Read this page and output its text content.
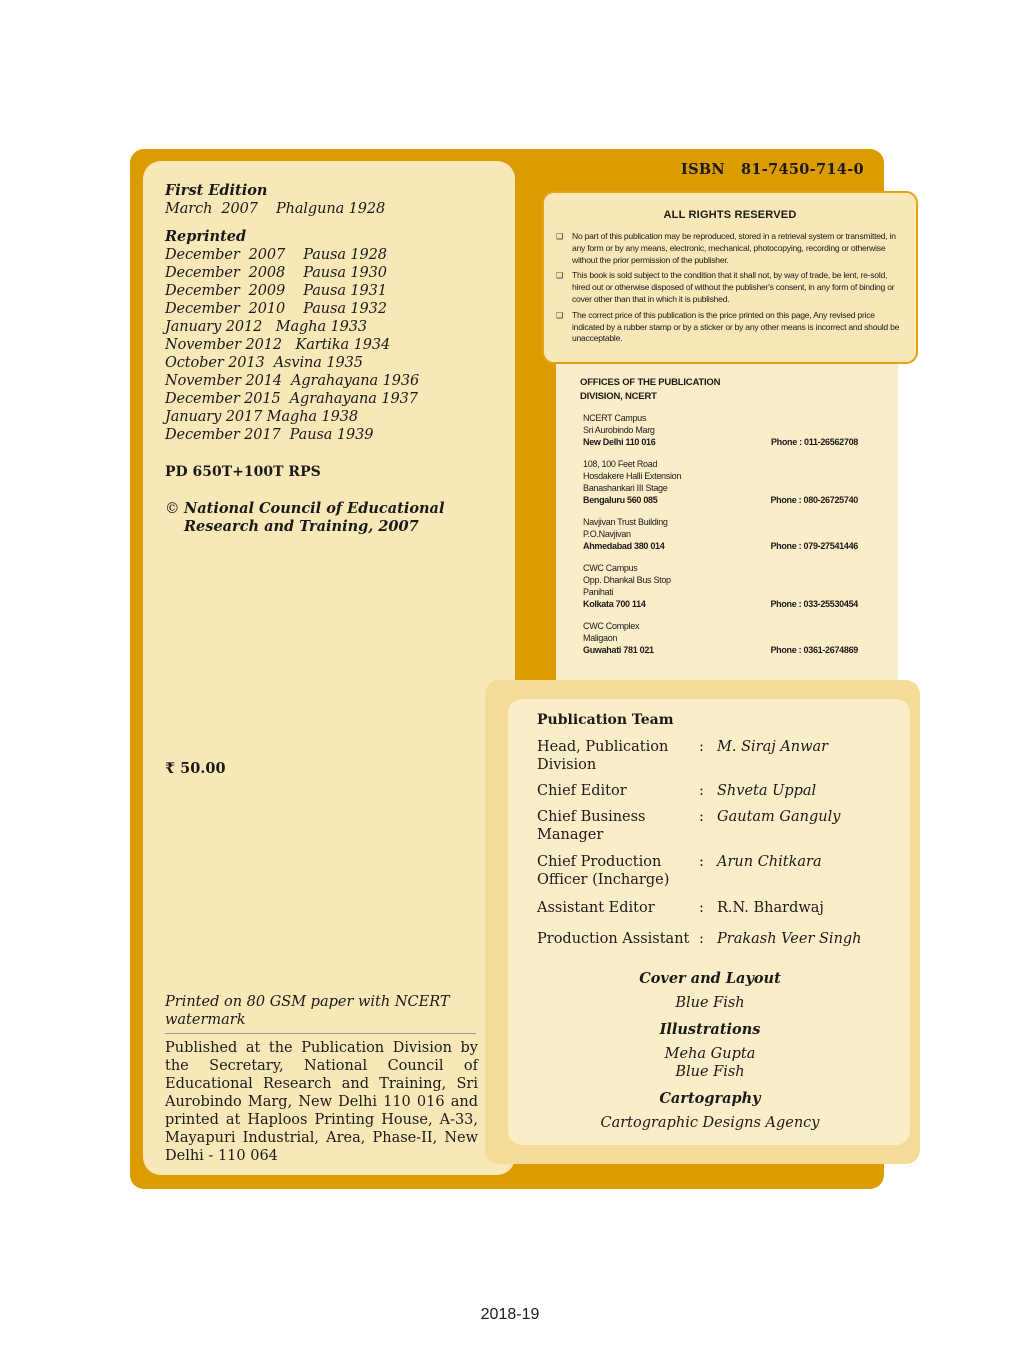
First Edition
March  2007    Phalguna 1928
Reprinted
December  2007    Pausa 1928
December  2008    Pausa 1930
December  2009    Pausa 1931
December  2010    Pausa 1932
January 2012   Magha 1933
November 2012   Kartika 1934
October 2013  Asvina 1935
November 2014  Agrahayana 1936
December 2015  Agrahayana 1937
January 2017 Magha 1938
December 2017  Pausa 1939
PD 650T+100T RPS
© National Council of Educational
Research and Training, 2007
₹ 50.00
Printed on 80 GSM paper with NCERT watermark
Published at the Publication Division by the Secretary, National Council of Educational Research and Training, Sri Aurobindo Marg, New Delhi 110 016 and printed at Haploos Printing House, A-33, Mayapuri Industrial, Area, Phase-II, New Delhi - 110 064
ISBN   81-7450-714-0
OFFICES OF THE PUBLICATION
DIVISION, NCERT
NCERT Campus
Sri Aurobindo Marg
New Delhi 110 016	Phone : 011-26562708
108, 100 Feet Road
Hosdakere Halli Extension
Banashankari III Stage
Bengaluru 560 085	Phone : 080-26725740
Navjivan Trust Building
P.O.Navjivan
Ahmedabad 380 014	Phone : 079-27541446
CWC Campus
Opp. Dhankal Bus Stop
Panihati
Kolkata 700 114	Phone : 033-25530454
CWC Complex
Maligaon
Guwahati 781 021	Phone : 0361-2674869
ALL RIGHTS RESERVED
❑	No part of this publication may be reproduced, stored in a retrieval system or transmitted, in any form or by any means, electronic, mechanical, photocopying, recording or otherwise without the prior permission of the publisher.
❑	This book is sold subject to the condition that it shall not, by way of trade, be lent, re-sold, hired out or otherwise disposed of without the publisher's consent, in any form of binding or cover other than that in which it is published.
❑	The correct price of this publication is the price printed on this page, Any revised price indicated by a rubber stamp or by a sticker or by any other means is incorrect and should be unacceptable.
Publication Team
Head, Publication
Division
: M. Siraj Anwar
Chief Editor	: Shveta Uppal
Chief Business
Manager
: Gautam Ganguly
Chief Production
Officer (Incharge)
: Arun Chitkara
Assistant Editor	: R.N. Bhardwaj
Production Assistant : Prakash Veer Singh
Cover and Layout
Blue Fish
Illustrations
Meha Gupta
Blue Fish
Cartography
Cartographic Designs Agency
2018-19
